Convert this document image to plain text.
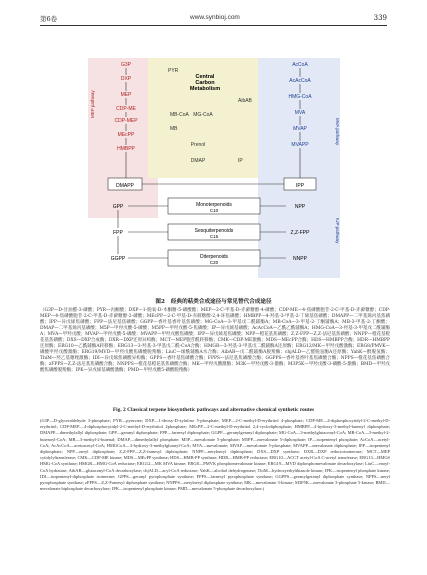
第6卷	www.synbioj.com	339
Central
Carbon
Metabolism
G3P
DXP
MEP
CDP-ME
CDP-MEP
MEcPP
HMBPP
AcCoA
AcAcCoA
HMG-CoA
MVA
MVAP
MVAPP
PYR
AibAB
MG-CoA
MB-CoA
MB
Prenol
DMAP	IP
DMAPP	IPP
GPP
FPP
GGPP
NPP
Z,Z-FPP
NNPP
Monoterpenoids
C10
Sesquiterpenoids
C15
Diterpenoids
C20
MEP pathway
MVA pathway
IUP pathway
图2 经典的萜类合成途径与常见替代合成途径
（G3P—D-甘油醛-3-磷酸；PYR—丙酮酸；DXP—1-脱氧-D-木酮糖-5-磷酸酯；MEP—2-C-甲基-D-赤藓糖醇-4-磷酸；CDP-ME—4-焦磷酸胞苷-2-C-甲基-D-赤藓糖醇；CDP-MEP—4-焦磷酸胞苷-2-C-甲基-D-赤藓糖醇-2-磷酸；MEcPP—2-C-甲基-D-赤藓糖醇-2,4-环焦磷酸；HMBPP—4-羟基-3-甲基-2-丁烯基焦磷酸；DMAPP—二甲基烯丙基焦磷酸；IPP—异戊烯焦磷酸；FPP—法尼基焦磷酸；GGPP—香叶基香叶基焦磷酸；MG-CoA—3-甲基戊二酰辅酶A；MB-CoA—3-甲基-2-丁酮辅酶A；MB-3-甲基-2-丁酮酸；DMAP—二甲基烯丙基磷酸；M5P—甲羟戊酸-5-磷酸；M5PP—甲羟戊酸-5-焦磷酸；IP—异戊烯基磷酸；AcAcCoA—乙酰乙酰辅酶A；HMG-CoA—3-羟基-3-甲基戊二酰辅酶A；MVA—甲羟戊酸；MVAP—甲羟戊酸-5-磷酸；MVAPP—甲羟戊酸焦磷酸；IPP—异戊烯基焦磷酸；NPP—橙花基焦磷酸；Z,Z-FPP—Z,Z-法尼基焦磷酸；NNPP—橙花基橙花基焦磷酸；DXS—DXP合成酶；DXR—DXP还原异构酶；MCT—MEP胞苷酰转移酶；CMK—CDP-ME激酶；MDS—MEcPP合酶；HDS—HMBPP合酶；HDR—HMBPP还原酶；ERG10—乙酰辅酶A转移酶；ERG13—3-羟基-3-甲基戊二酰-CoA合酶；HMGR—3-羟基-3-甲基戊二酰辅酶A还原酶；ERG12/MK—甲羟戊酸激酶；ERG8/PMVK—磷酸甲羟戊酸激酶；ERG19/MVD—甲羟戊酸焦磷酸脱羧酶；LiuC—烯酰辅酶A水合酶；AibAB—戊二酰辅酶A脱羧酶；chjALD—乙醛脱氢酶A还原酶；YahK—醇脱氢酶；ThiM—羟乙基噻唑激酶；IDI—异戊烯焦磷酸异构酶；GPPS—香叶基焦磷酸合酶；FPPS—法尼基焦磷酸合酶；GGPPS—香叶基香叶基焦磷酸合酶；NPPS—橙花基焦磷酸合酶；zFPPS—Z,Z-法尼基焦磷酸合酶；NNPPS—橙花基橙花基焦磷酸合酶；MK—甲羟戊酸激酶；M3K—甲羟戊酸-3-激酶；M3P5K—甲羟戊酸-3-磷酸-5-激酶；BMD—甲羟戊酸焦磷酸脱羧酶；IPK—异戊烯基磷酸激酶；PMD—甲羟戊酸5-磷酸脱羧酶）
Fig. 2 Classical terpene biosynthetic pathways and alternative chemical synthetic routes
(G3P—D-glyceraldehyde 3-phosphate; PYR—pyruvate; DXP—1-deoxy-D-xylulose 5-phosphate; MEP—2-C-methyl-D-erythritol 4-phosphate; CDP-ME—4-diphosphocytidyl-2-C-methyl-D-erythritol; CDP-MEP—4-diphosphocytidyl-2-C-methyl-D-erythritol 2phosphate; MEcPP—2-C-methyl-D-erythritol 2,4-cyclodiphosphate; HMBPP—4-hydroxy-3-methyl-butenyl diphosphate; DMAPP—dimethylallyl diphosphate; GPP—geranyl diphosphate; FPP—farnesyl diphosphate; GGPP—geranylgeranyl diphosphate; MG-CoA—3-methylglutaconyl-CoA; MB-CoA—3-methyl-2-butenoyl-CoA; MB—3-methyl-2-butenal; DMAP—dimethylallyl phosphate; M5P—mevalonate 5-phosphate; M5PP—mevalonate 5-diphosphate; IP—isopentenyl phosphate; AcCoA—acetyl-CoA; AcAcCoA—acetoacetyl-CoA; HMGCoA—3-hydroxy-3-methylglutaryl-CoA; MVA—mevalonate; MVAP—mevalonate 5-phosphate; MVAPP—mevalonate diphosphate; IPP—isopentenyl diphosphate; NPP—neryl diphosphate; Z,Z-FPP—Z,Z-farnesyl diphosphate; NNPP—nerylneryl diphosphate; DXS—DXP synthase; DXR—DXP reductoisomerase; MCT—MEP cytidylyltransferase; CMK—CDP-ME kinase; MDS—MEcPP synthase; HDS—HMB-PP synthase; HDR—HMB-PP reductase; ERG10—ACCT acetyl-CoA C-acetyl transferase; ERG13—HMGS HMG-CoA synthase; HMGR—HMG-CoA reductase; ERG12—MK MVA kinase; ERG8—PMVK phosphomevalonate kinase; ERG19—MVD diphosphomevalonate decarboxylase; LiuC—enoyl-CoA hydratase; AibAB—glutaconyl-CoA decarboxylase; chjALD—acyl-CoA reductase; YahK—alcohol dehydrogenase; ThiM—hydroxyethylthiazole kinase; IPK—isopentenyl phosphate kinase; IDI—isopentenyl-diphosphate isomerase; GPPS—geranyl pyrophosphate synthase; FPPS—farnesyl pyrophosphate synthase; GGPPS—geranylgeranyl diphosphate synthase; NPPS—neryl pyrophosphate synthase; zFPPS—Z,Z-Farnesyl diphosphate synthase; NNPPS—nerylneryl diphosphate synthase; MK—mevalonate 3-kinase; M3P5K—mevalonate 3-phosphate 5-kinase; BMD—mevalonate biphosphate decarboxylase; IPK—isopentenyl phosphate kinase; PMD—mevalonate 5-phosphate decarboxylase.)
